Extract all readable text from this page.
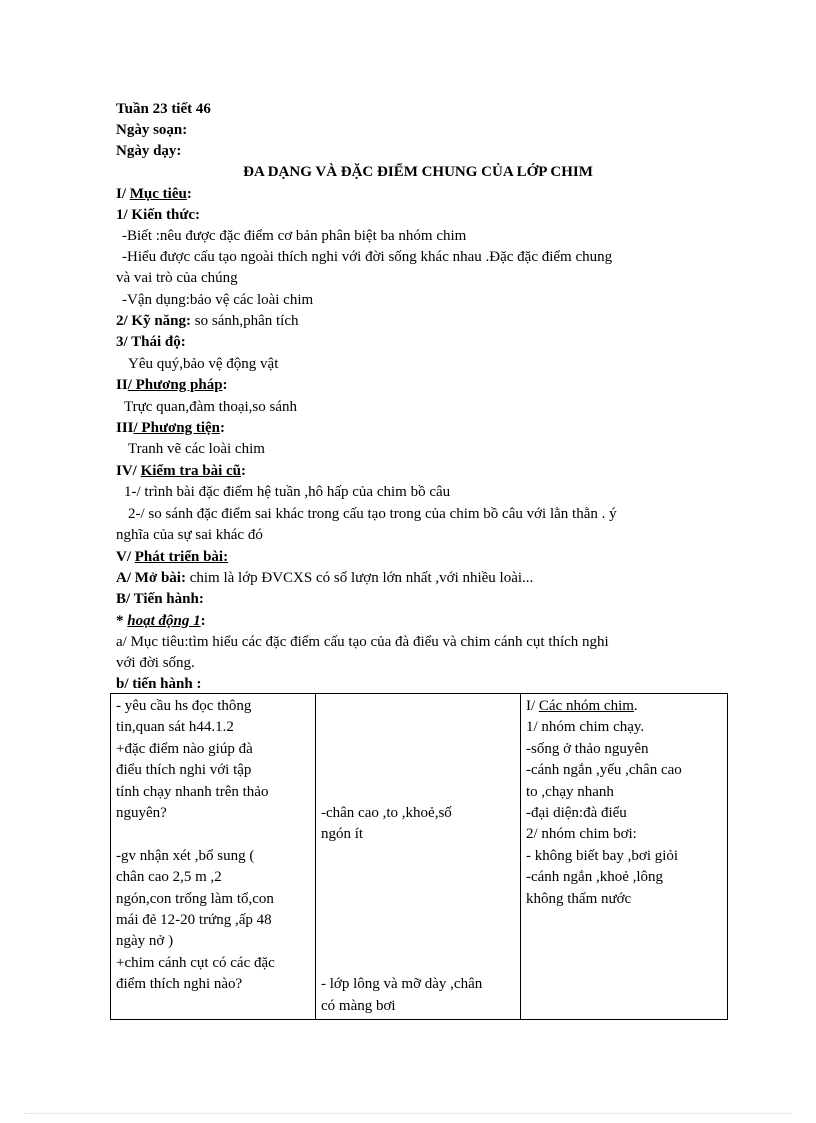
Tuần 23 tiết 46
Ngày soạn:
Ngày dạy:
ĐA DẠNG VÀ ĐẶC ĐIỂM CHUNG CỦA LỚP CHIM
I/ Mục tiêu:
1/ Kiến thức:
-Biết :nêu được đặc điểm cơ bản phân biệt ba nhóm chim
-Hiểu được cấu tạo ngoài thích nghi với đời sống khác nhau .Đặc đặc điểm chung
và vai trò của chúng
-Vận dụng:bảo vệ các loài chim
2/ Kỹ năng: so sánh,phân tích
3/ Thái độ:
Yêu quý,bảo vệ động vật
II/ Phương pháp:
Trực quan,đàm thoại,so sánh
III/ Phương tiện:
Tranh vẽ các loài chim
IV/ Kiểm tra bài cũ:
1-/ trình bài đặc điểm hệ tuần ,hô hấp của chim bồ câu
2-/ so sánh đặc điểm sai khác trong cấu tạo trong của chim bồ câu với lằn thằn . ý
nghĩa của sự sai khác đó
V/ Phát triển bài:
A/ Mở bài: chim là lớp ĐVCXS có số lượn lớn nhất ,với nhiều loài...
B/ Tiến hành:
* hoạt động 1:
a/ Mục tiêu:tìm hiểu các đặc điểm cấu tạo của đà điểu và chim cánh cụt thích nghi
với đời sống.
b/ tiến hành :
- yêu cầu hs đọc thông
tin,quan sát h44.1.2
+đặc điểm nào giúp đà
điểu thích nghi với tập
tính chạy nhanh trên thảo
nguyên?
-gv nhận xét ,bổ sung (
chân cao 2,5 m ,2
ngón,con trống làm tổ,con
mái đẻ 12-20 trứng ,ấp 48
ngày nở )
+chim cánh cụt có các đặc
điểm thích nghi nào?

-chân cao ,to ,khoẻ,số
ngón ít
- lớp lông và mỡ dày ,chân
có màng bơi

I/ Các nhóm chim.
1/ nhóm chim chạy.
-sống ở thảo nguyên
-cánh ngắn ,yếu ,chân cao
to ,chạy nhanh
-đại diện:đà điểu
2/ nhóm chim bơi:
- không biết bay ,bơi giỏi
-cánh ngắn ,khoẻ ,lông
không thấm nước
